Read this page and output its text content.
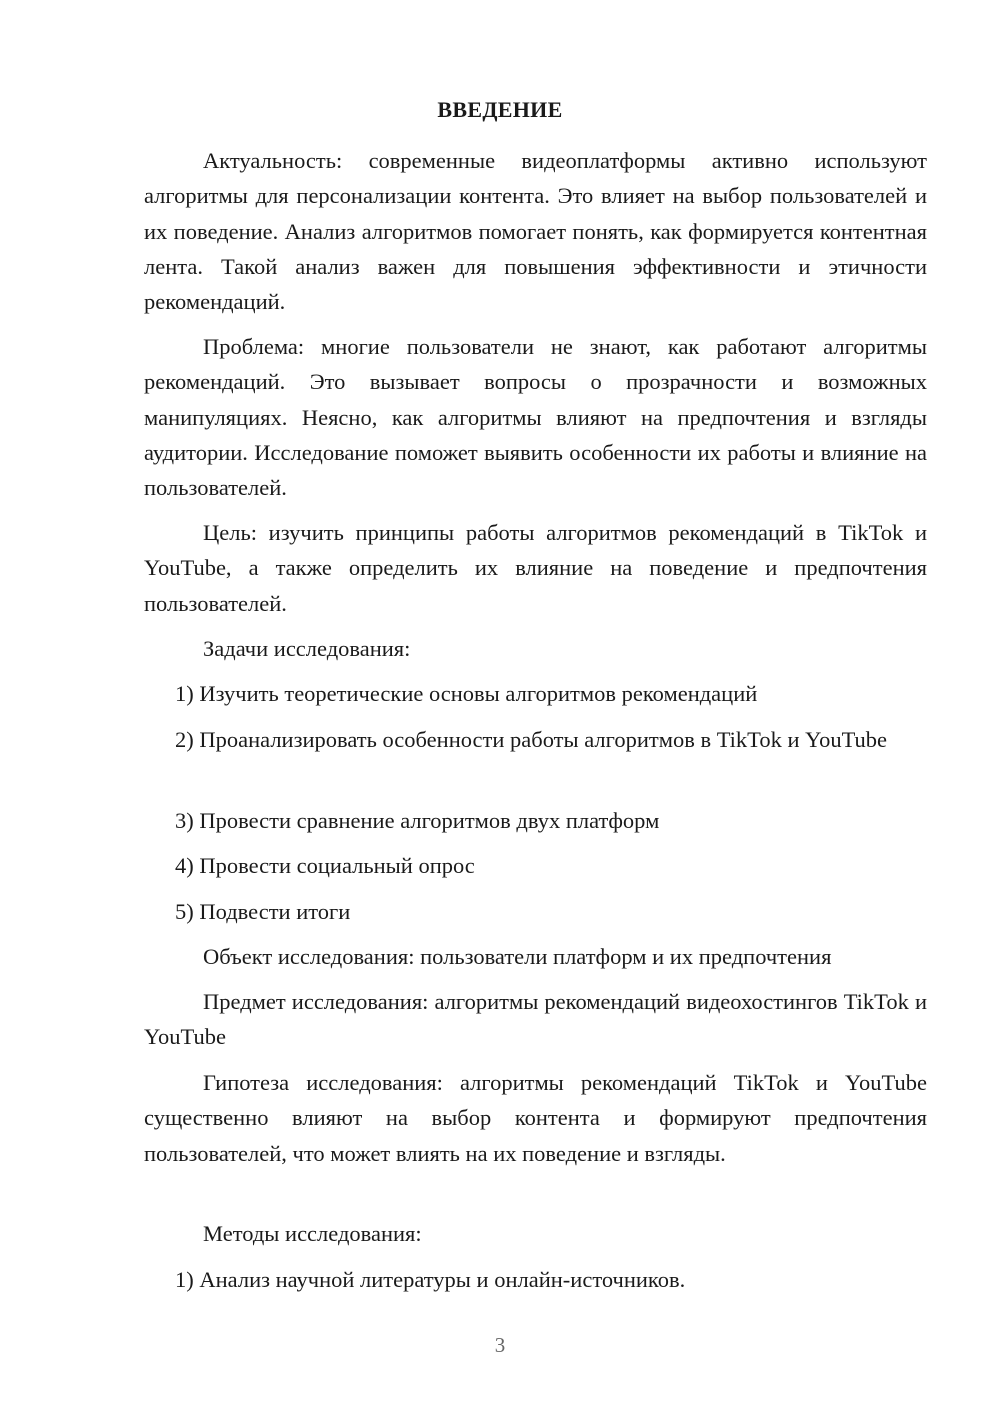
ВВЕДЕНИЕ

Актуальность: современные видеоплатформы активно используют алгоритмы для персонализации контента. Это влияет на выбор пользователей и их поведение. Анализ алгоритмов помогает понять, как формируется контентная лента. Такой анализ важен для повышения эффективности и этичности рекомендаций.

Проблема: многие пользователи не знают, как работают алгоритмы рекомендаций. Это вызывает вопросы о прозрачности и возможных манипуляциях. Неясно, как алгоритмы влияют на предпочтения и взгляды аудитории. Исследование поможет выявить особенности их работы и влияние на пользователей.

Цель: изучить принципы работы алгоритмов рекомендаций в TikTok и YouTube, а также определить их влияние на поведение и предпочтения пользователей.

Задачи исследования:

1) Изучить теоретические основы алгоритмов рекомендаций

2) Проанализировать особенности работы алгоритмов в TikTok и YouTube

3) Провести сравнение алгоритмов двух платформ

4) Провести социальный опрос

5) Подвести итоги

Объект исследования: пользователи платформ и их предпочтения

Предмет исследования: алгоритмы рекомендаций видеохостингов TikTok и YouTube

Гипотеза исследования: алгоритмы рекомендаций TikTok и YouTube существенно влияют на выбор контента и формируют предпочтения пользователей, что может влиять на их поведение и взгляды.

Методы исследования:

1) Анализ научной литературы и онлайн-источников.

3
